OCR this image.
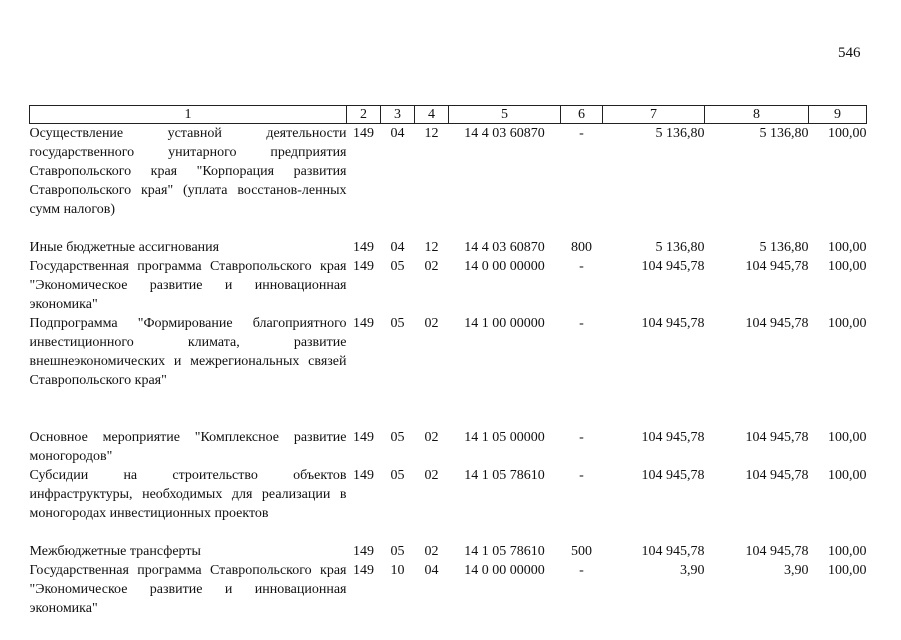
546
1	2	3	4	5	6	7	8	9
Осуществление уставной деятельности государственного унитарного предприятия Ставропольского края "Корпорация развития Ставропольского края" (уплата восстанов-ленных сумм налогов)	149	04	12	14 4 03 60870	-	5 136,80	5 136,80	100,00
Иные бюджетные ассигнования	149	04	12	14 4 03 60870	800	5 136,80	5 136,80	100,00
Государственная программа Ставропольского края "Экономическое развитие и инновационная экономика"	149	05	02	14 0 00 00000	-	104 945,78	104 945,78	100,00
Подпрограмма "Формирование благоприятного инвестиционного климата, развитие внешнеэкономических и межрегиональных связей Ставропольского края"	149	05	02	14 1 00 00000	-	104 945,78	104 945,78	100,00
Основное мероприятие "Комплексное развитие моногородов"	149	05	02	14 1 05 00000	-	104 945,78	104 945,78	100,00
Субсидии на строительство объектов инфраструктуры, необходимых для реализации в моногородах инвестиционных проектов	149	05	02	14 1 05 78610	-	104 945,78	104 945,78	100,00
Межбюджетные трансферты	149	05	02	14 1 05 78610	500	104 945,78	104 945,78	100,00
Государственная программа Ставропольского края "Экономическое развитие и инновационная экономика"	149	10	04	14 0 00 00000	-	3,90	3,90	100,00
